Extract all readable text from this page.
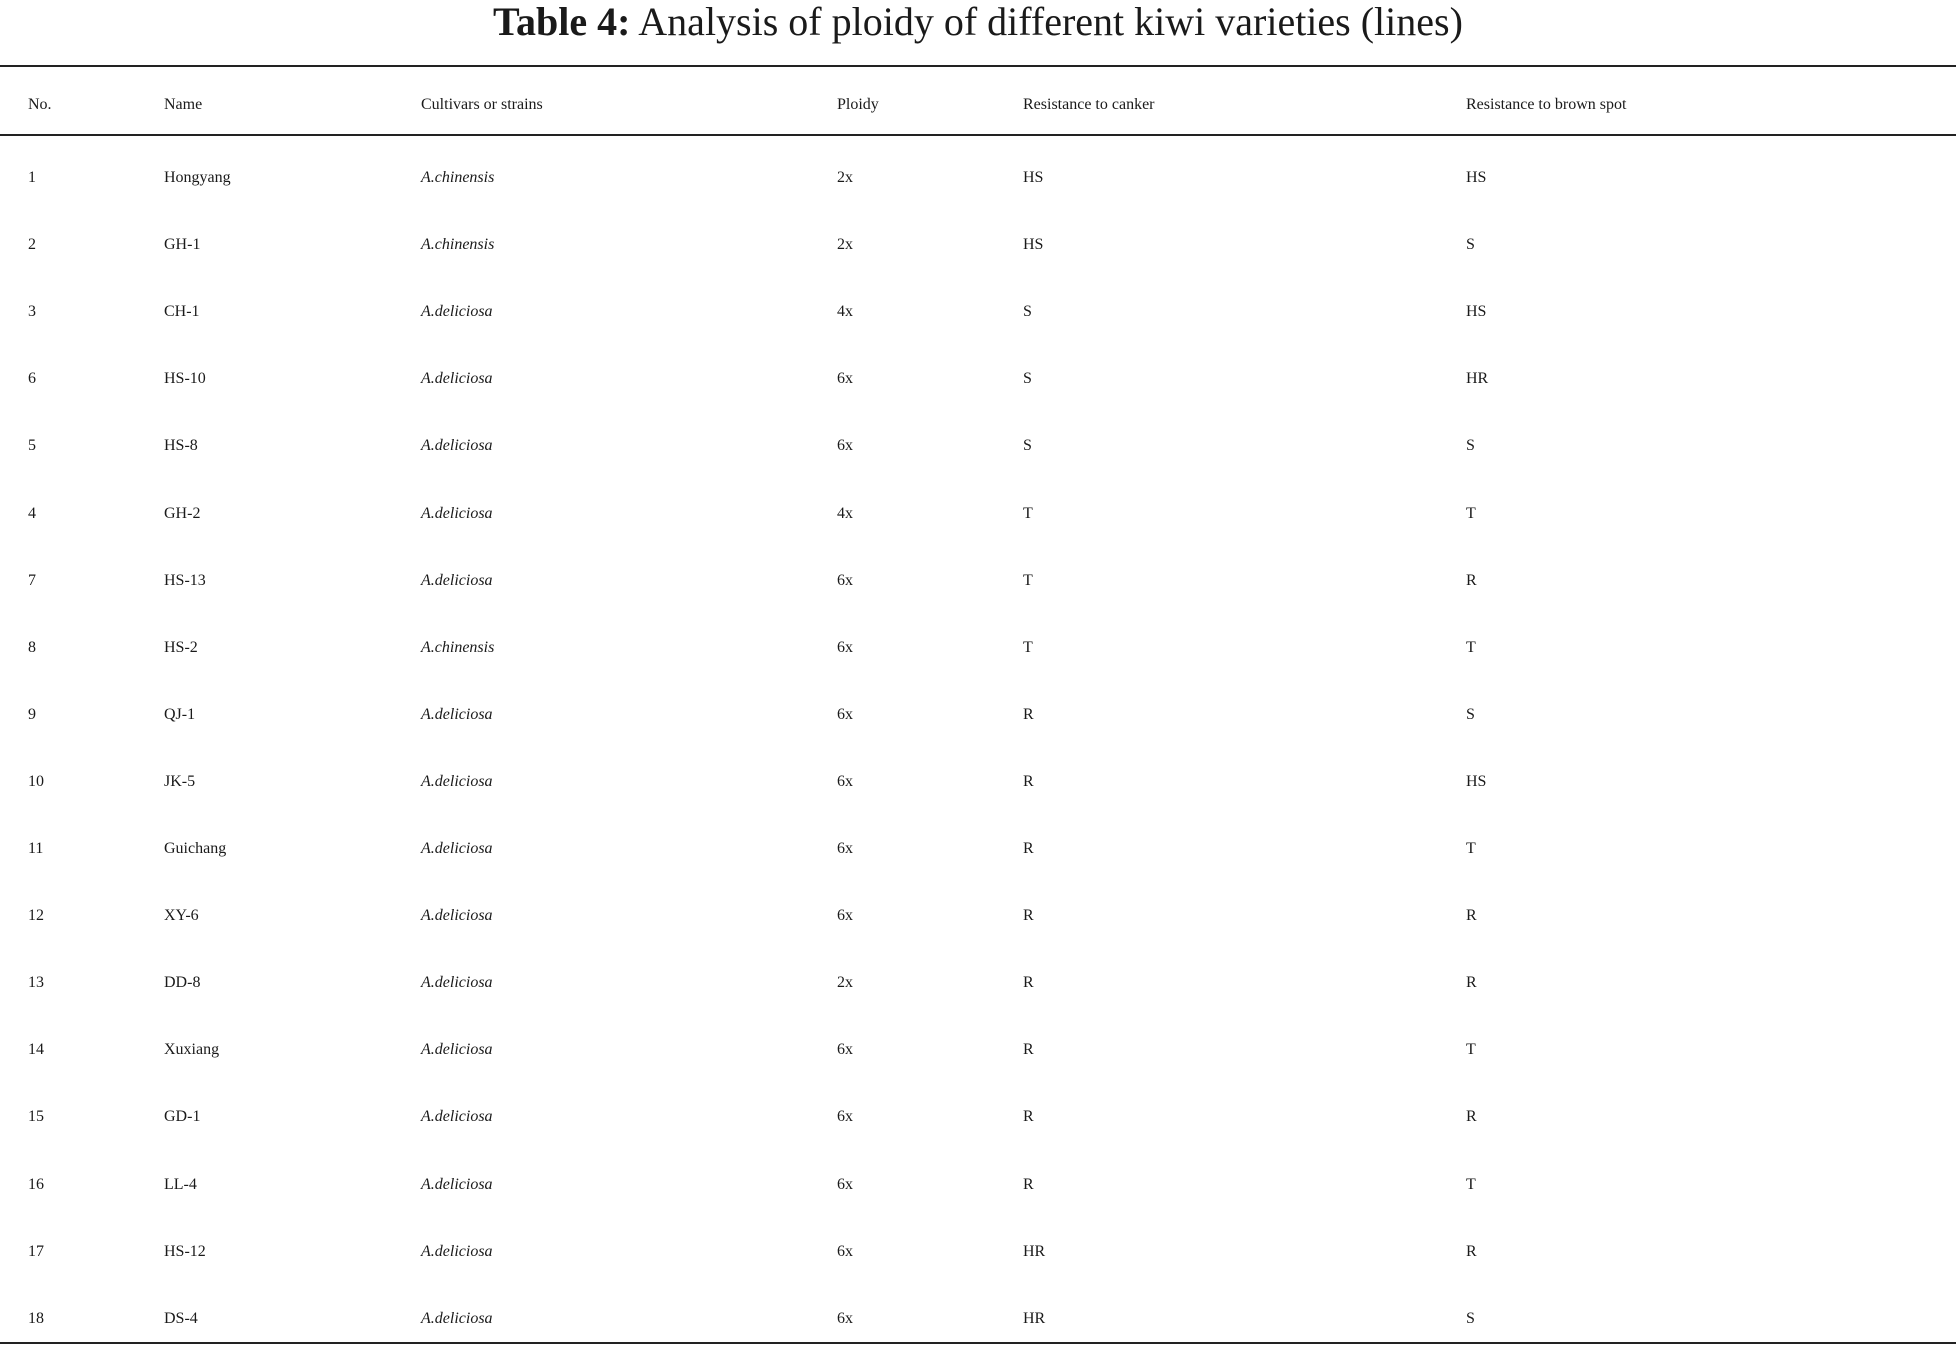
Table 4: Analysis of ploidy of different kiwi varieties (lines)
No.	Name	Cultivars or strains	Ploidy	Resistance to canker	Resistance to brown spot
1	Hongyang	A.chinensis	2x	HS	HS
2	GH-1	A.chinensis	2x	HS	S
3	CH-1	A.deliciosa	4x	S	HS
6	HS-10	A.deliciosa	6x	S	HR
5	HS-8	A.deliciosa	6x	S	S
4	GH-2	A.deliciosa	4x	T	T
7	HS-13	A.deliciosa	6x	T	R
8	HS-2	A.chinensis	6x	T	T
9	QJ-1	A.deliciosa	6x	R	S
10	JK-5	A.deliciosa	6x	R	HS
11	Guichang	A.deliciosa	6x	R	T
12	XY-6	A.deliciosa	6x	R	R
13	DD-8	A.deliciosa	2x	R	R
14	Xuxiang	A.deliciosa	6x	R	T
15	GD-1	A.deliciosa	6x	R	R
16	LL-4	A.deliciosa	6x	R	T
17	HS-12	A.deliciosa	6x	HR	R
18	DS-4	A.deliciosa	6x	HR	S
